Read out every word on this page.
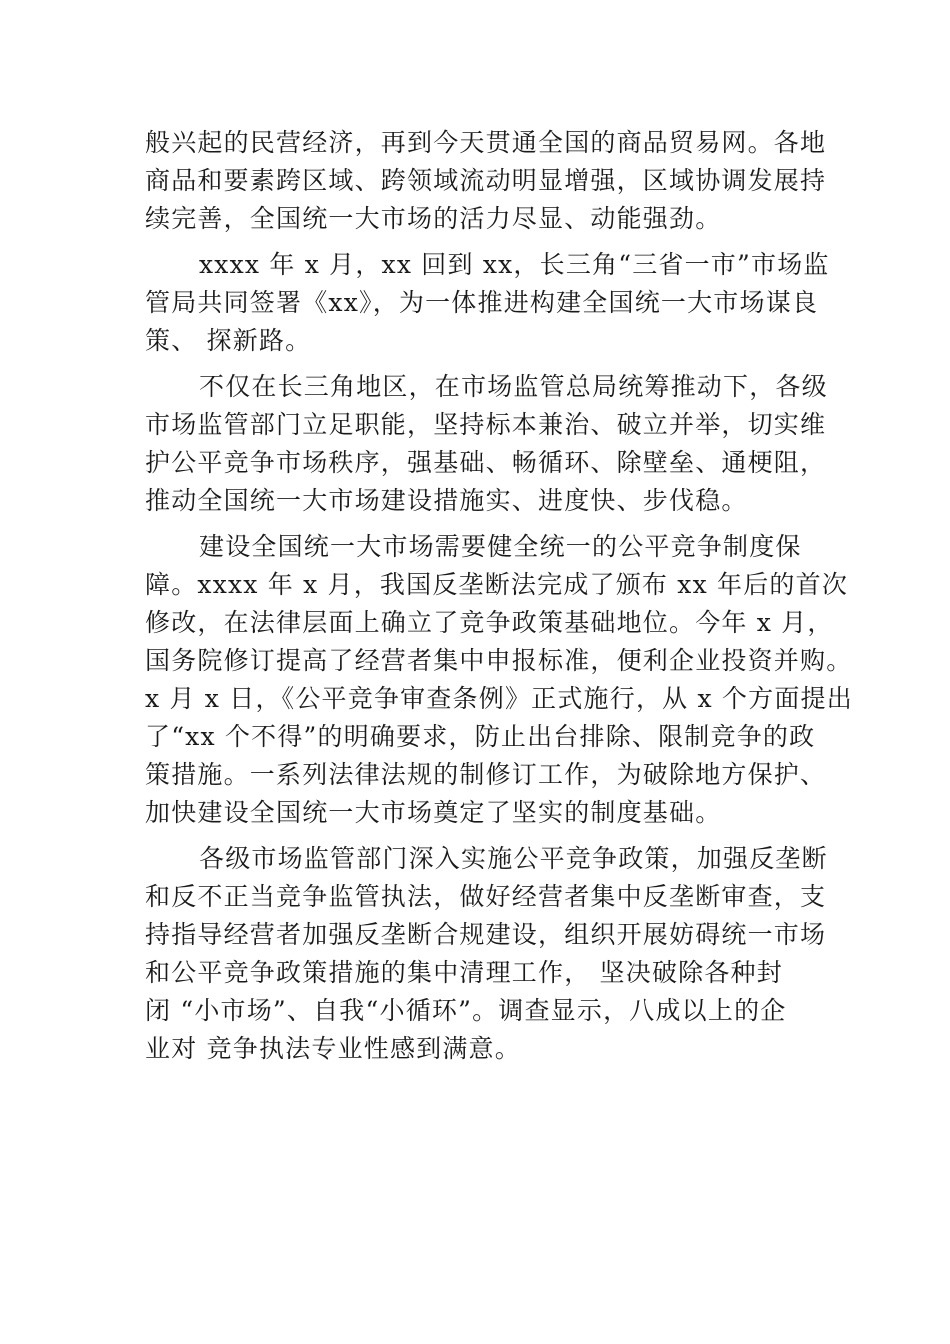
般兴起的民营经济，再到今天贯通全国的商品贸易网。各地
商品和要素跨区域、跨领域流动明显增强，区域协调发展持
续完善，全国统一大市场的活力尽显、动能强劲。
xxxx 年 x 月，xx 回到 xx，长三角“三省一市”市场监
管局共同签署《xx》，为一体推进构建全国统一大市场谋良
策、 探新路。
不仅在长三角地区，在市场监管总局统筹推动下，各级
市场监管部门立足职能，坚持标本兼治、破立并举，切实维
护公平竞争市场秩序，强基础、畅循环、除壁垒、通梗阻，
推动全国统一大市场建设措施实、进度快、步伐稳。
建设全国统一大市场需要健全统一的公平竞争制度保
障。xxxx 年 x 月，我国反垄断法完成了颁布 xx 年后的首次
修改，在法律层面上确立了竞争政策基础地位。今年 x 月，
国务院修订提高了经营者集中申报标准，便利企业投资并购。
x 月 x 日，《公平竞争审查条例》正式施行，从 x 个方面提出
了“xx 个不得”的明确要求，防止出台排除、限制竞争的政
策措施。一系列法律法规的制修订工作，为破除地方保护、
加快建设全国统一大市场奠定了坚实的制度基础。
各级市场监管部门深入实施公平竞争政策，加强反垄断
和反不正当竞争监管执法，做好经营者集中反垄断审查，支
持指导经营者加强反垄断合规建设，组织开展妨碍统一市场
和公平竞争政策措施的集中清理工作， 坚决破除各种封
闭 “小市场”、自我“小循环”。调查显示，八成以上的企
业对 竞争执法专业性感到满意。
